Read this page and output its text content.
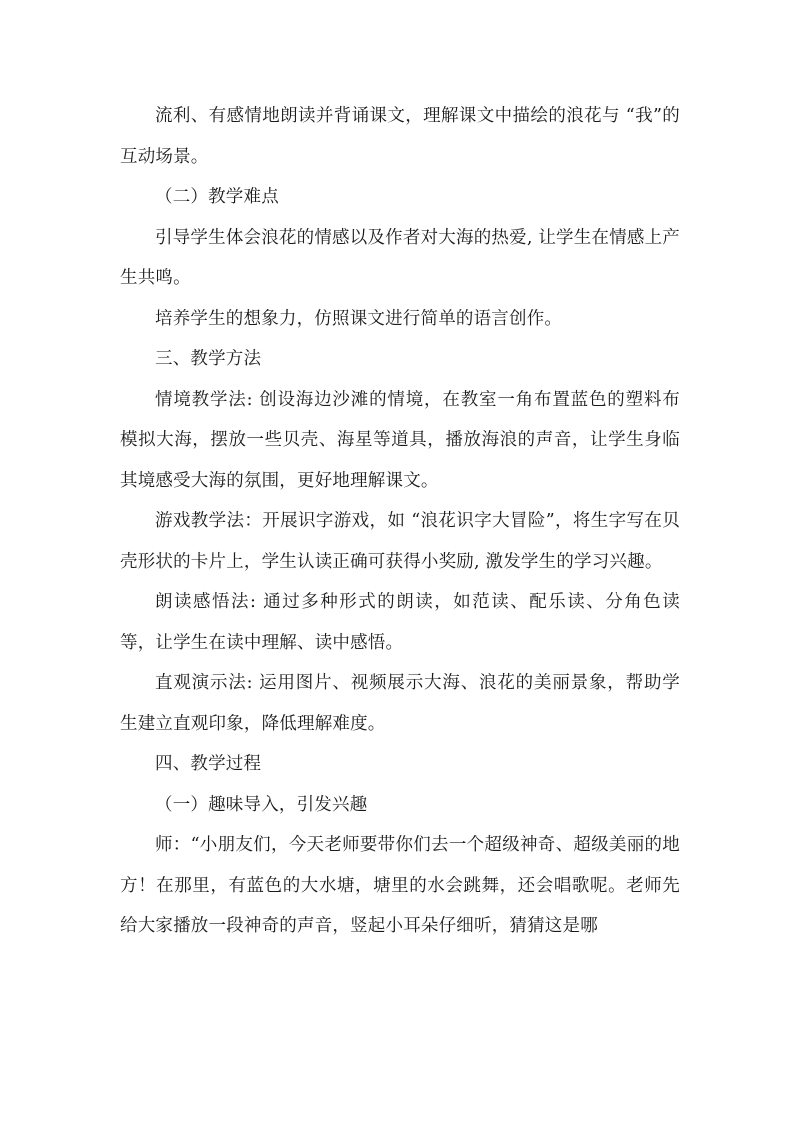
流利、有感情地朗读并背诵课文，理解课文中描绘的浪花与 “我”的互动场景。

（二）教学难点

引导学生体会浪花的情感以及作者对大海的热爱, 让学生在情感上产生共鸣。

培养学生的想象力，仿照课文进行简单的语言创作。

三、教学方法

情境教学法: 创设海边沙滩的情境，在教室一角布置蓝色的塑料布模拟大海，摆放一些贝壳、海星等道具，播放海浪的声音，让学生身临其境感受大海的氛围，更好地理解课文。

游戏教学法：开展识字游戏，如 “浪花识字大冒险”，将生字写在贝壳形状的卡片上，学生认读正确可获得小奖励, 激发学生的学习兴趣。

朗读感悟法: 通过多种形式的朗读，如范读、配乐读、分角色读等，让学生在读中理解、读中感悟。

直观演示法: 运用图片、视频展示大海、浪花的美丽景象，帮助学生建立直观印象，降低理解难度。

四、教学过程

（一）趣味导入，引发兴趣

师：“小朋友们，今天老师要带你们去一个超级神奇、超级美丽的地方！在那里，有蓝色的大水塘，塘里的水会跳舞，还会唱歌呢。老师先给大家播放一段神奇的声音，竖起小耳朵仔细听，猜猜这是哪
